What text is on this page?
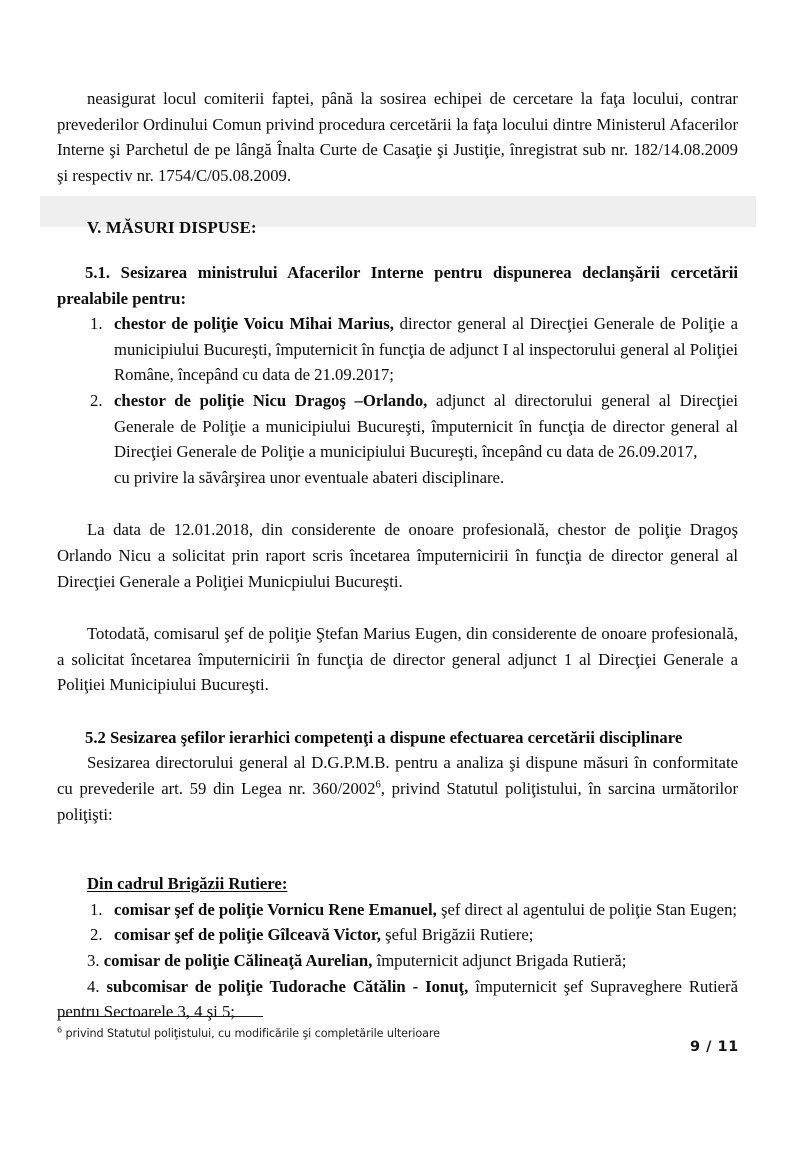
neasigurat locul comiterii faptei, până la sosirea echipei de cercetare la faţa locului, contrar prevederilor Ordinului Comun privind procedura cercetării la faţa locului dintre Ministerul Afacerilor Interne şi Parchetul de pe lângă Înalta Curte de Casaţie şi Justiţie, înregistrat sub nr. 182/14.08.2009 şi respectiv nr. 1754/C/05.08.2009.

V. MĂSURI DISPUSE:

5.1. Sesizarea ministrului Afacerilor Interne pentru dispunerea declanşării cercetării prealabile pentru:

1. chestor de poliţie Voicu Mihai Marius, director general al Direcţiei Generale de Poliţie a municipiului Bucureşti, împuternicit în funcţia de adjunct I al inspectorului general al Poliţiei Române, începând cu data de 21.09.2017;
2. chestor de poliţie Nicu Dragoş –Orlando, adjunct al directorului general al Direcţiei Generale de Poliţie a municipiului Bucureşti, împuternicit în funcţia de director general al Direcţiei Generale de Poliţie a municipiului Bucureşti, începând cu data de 26.09.2017,
cu privire la săvârşirea unor eventuale abateri disciplinare.

La data de 12.01.2018, din considerente de onoare profesională, chestor de poliţie Dragoş Orlando Nicu a solicitat prin raport scris încetarea împuternicirii în funcţia de director general al Direcţiei Generale a Poliţiei Municpiului Bucureşti.

Totodată, comisarul şef de poliţie Ştefan Marius Eugen, din considerente de onoare profesională, a solicitat încetarea împuternicirii în funcţia de director general adjunct 1 al Direcţiei Generale a Poliţiei Municipiului Bucureşti.

5.2 Sesizarea şefilor ierarhici competenţi a dispune efectuarea cercetării disciplinare

Sesizarea directorului general al D.G.P.M.B. pentru a analiza şi dispune măsuri în conformitate cu prevederile art. 59 din Legea nr. 360/2002$^6$, privind Statutul poliţistului, în sarcina următorilor poliţişti:

Din cadrul Brigăzii Rutiere:
1. comisar şef de poliţie Vornicu Rene Emanuel, şef direct al agentului de poliţie Stan Eugen;
2. comisar şef de poliţie Gîlceavă Victor, şeful Brigăzii Rutiere;

3. comisar de poliţie Călineaţă Aurelian, împuternicit adjunct Brigada Rutieră;

4. subcomisar de poliţie Tudorache Cătălin - Ionuţ, împuternicit şef Supraveghere Rutieră pentru Sectoarele 3, 4 şi 5;

$^6$ privind Statutul poliţistului, cu modificările şi completările ulterioare
9 / 11
